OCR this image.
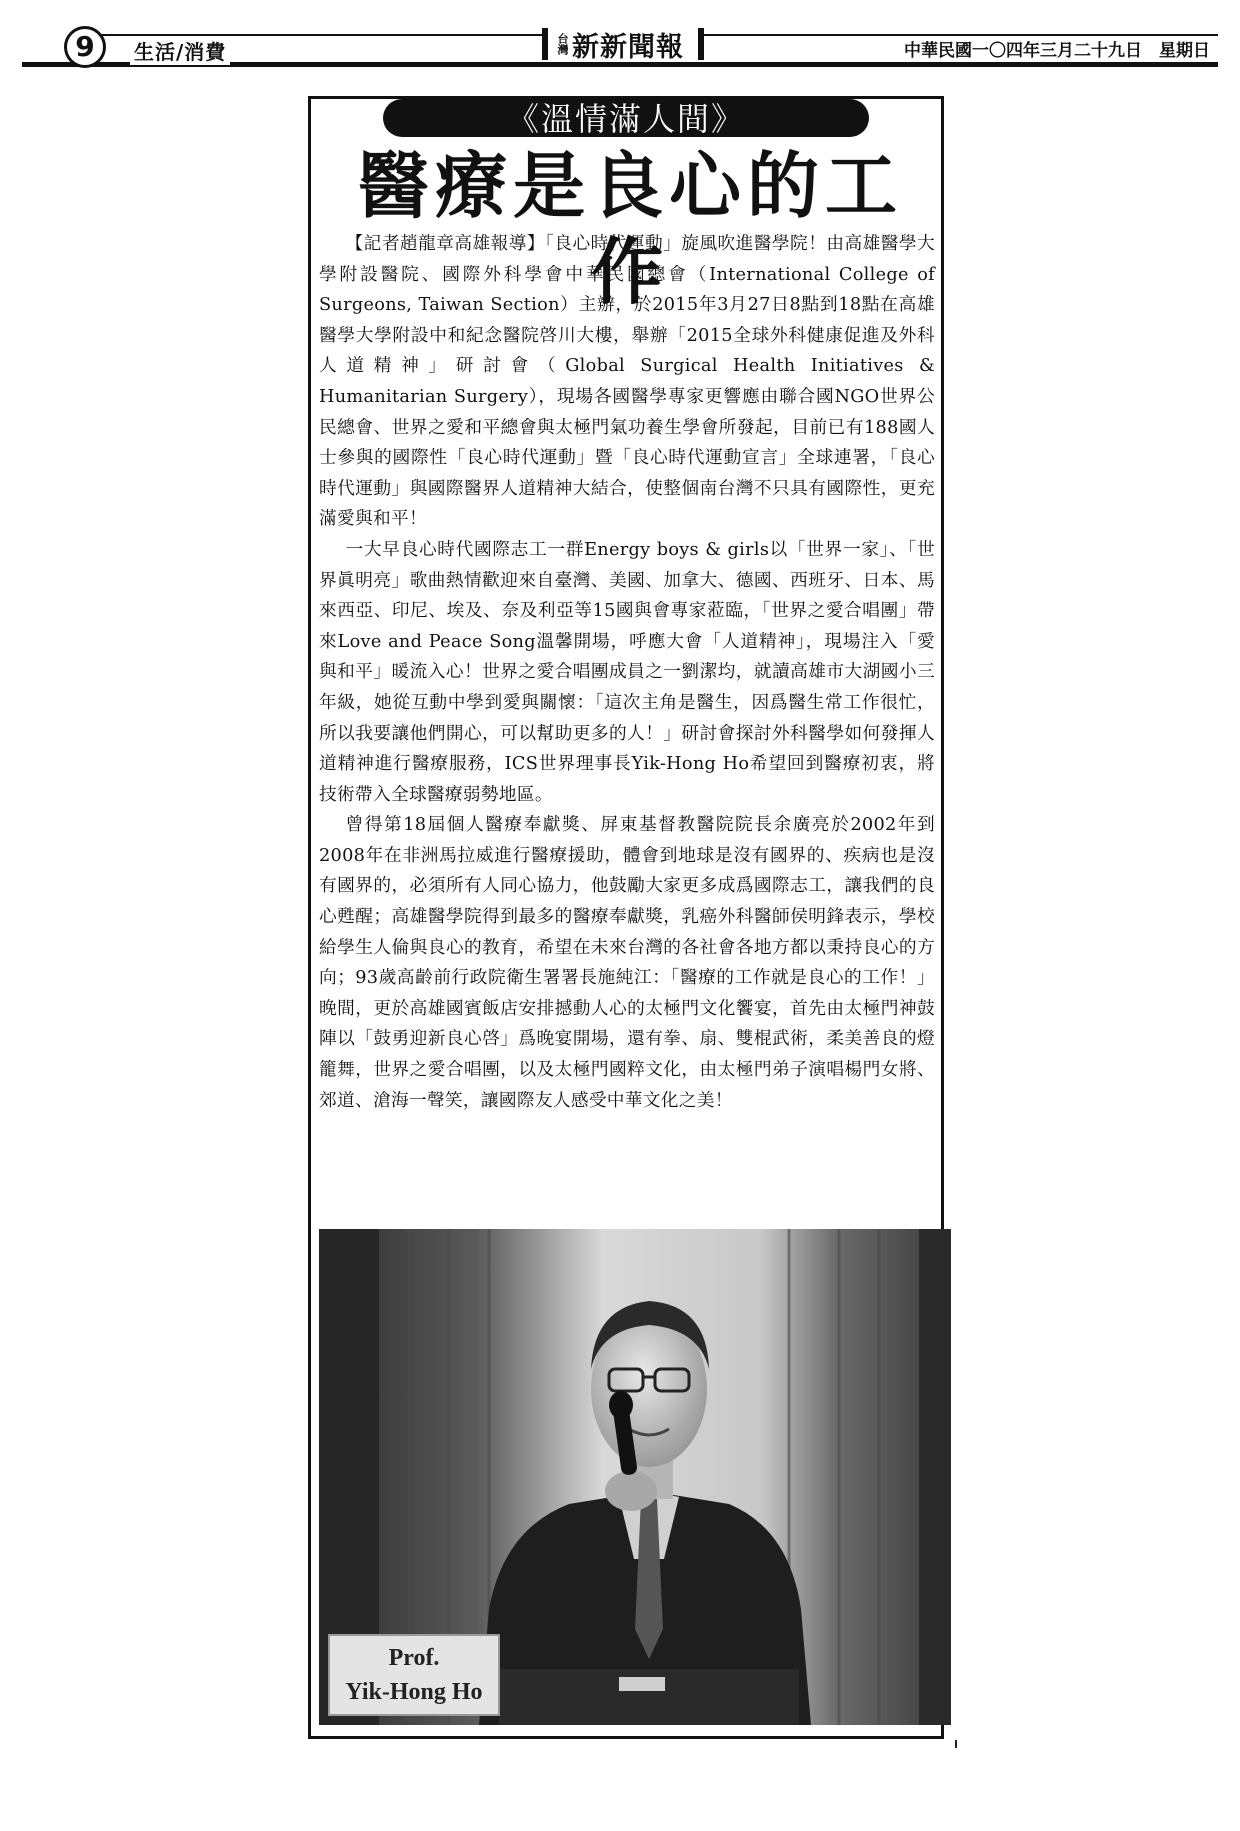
9	生活/消費	台灣 新新聞報	中華民國一〇四年三月二十九日　星期日
《溫情滿人間》
醫療是良心的工作

【記者趙龍章高雄報導】「良心時代運動」旋風吹進醫學院！由高雄醫學大學附設醫院、國際外科學會中華民國總會（International College of Surgeons, Taiwan Section）主辦，於2015年3月27日8點到18點在高雄醫學大學附設中和紀念醫院啓川大樓，舉辦「2015全球外科健康促進及外科人道精神」研討會（Global Surgical Health Initiatives & Humanitarian Surgery），現場各國醫學專家更響應由聯合國NGO世界公民總會、世界之愛和平總會與太極門氣功養生學會所發起，目前已有188國人士參與的國際性「良心時代運動」暨「良心時代運動宣言」全球連署，「良心時代運動」與國際醫界人道精神大結合，使整個南台灣不只具有國際性，更充滿愛與和平！

一大早良心時代國際志工一群Energy boys & girls以「世界一家」、「世界眞明亮」歌曲熱情歡迎來自臺灣、美國、加拿大、德國、西班牙、日本、馬來西亞、印尼、埃及、奈及利亞等15國與會專家蒞臨，「世界之愛合唱團」帶來Love and Peace Song溫馨開場，呼應大會「人道精神」，現場注入「愛與和平」暖流入心！世界之愛合唱團成員之一劉潔均，就讀高雄市大湖國小三年級，她從互動中學到愛與關懷：「這次主角是醫生，因爲醫生常工作很忙，所以我要讓他們開心，可以幫助更多的人！」研討會探討外科醫學如何發揮人道精神進行醫療服務，ICS世界理事長Yik-Hong Ho希望回到醫療初衷，將技術帶入全球醫療弱勢地區。

曾得第18屆個人醫療奉獻獎、屏東基督教醫院院長余廣亮於2002年到2008年在非洲馬拉威進行醫療援助，體會到地球是沒有國界的、疾病也是沒有國界的，必須所有人同心協力，他鼓勵大家更多成爲國際志工，讓我們的良心甦醒；高雄醫學院得到最多的醫療奉獻獎，乳癌外科醫師侯明鋒表示，學校給學生人倫與良心的教育，希望在未來台灣的各社會各地方都以秉持良心的方向；93歲高齡前行政院衛生署署長施純江：「醫療的工作就是良心的工作！」晚間，更於高雄國賓飯店安排撼動人心的太極門文化饗宴，首先由太極門神鼓陣以「鼓勇迎新良心啓」爲晚宴開場，還有拳、扇、雙棍武術，柔美善良的燈籠舞，世界之愛合唱團，以及太極門國粹文化，由太極門弟子演唱楊門女將、郊道、滄海一聲笑，讓國際友人感受中華文化之美！

Prof.
Yik-Hong Ho
